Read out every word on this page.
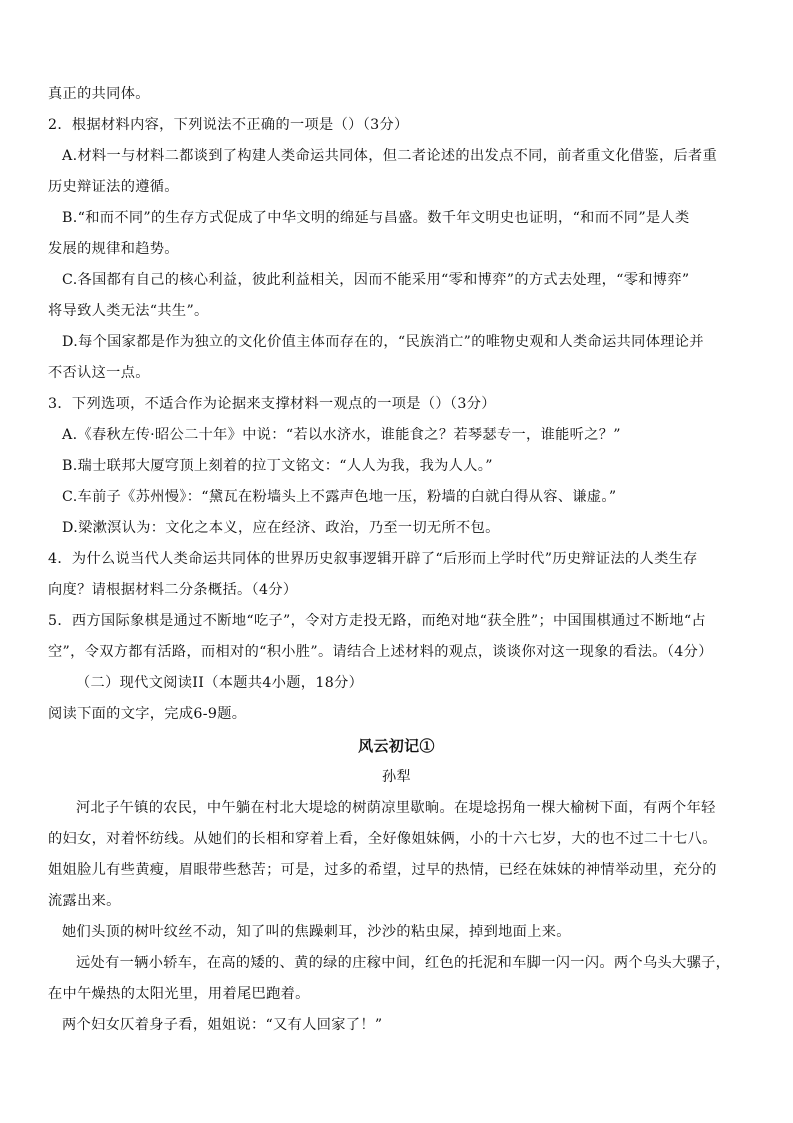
真正的共同体。
2．根据材料内容，下列说法不正确的一项是（）（3分）
A.材料一与材料二都谈到了构建人类命运共同体，但二者论述的出发点不同，前者重文化借鉴，后者重
历史辩证法的遵循。
B.“和而不同”的生存方式促成了中华文明的绵延与昌盛。数千年文明史也证明，“和而不同”是人类
发展的规律和趋势。
C.各国都有自己的核心利益，彼此利益相关，因而不能采用“零和博弈”的方式去处理，“零和博弈”
将导致人类无法“共生”。
D.每个国家都是作为独立的文化价值主体而存在的，“民族消亡”的唯物史观和人类命运共同体理论并
不否认这一点。
3．下列选项，不适合作为论据来支撑材料一观点的一项是（）（3分）
A.《春秋左传·昭公二十年》中说：“若以水济水，谁能食之？若琴瑟专一，谁能听之？”
B.瑞士联邦大厦穹顶上刻着的拉丁文铭文：“人人为我，我为人人。”
C.车前子《苏州慢》：“黛瓦在粉墙头上不露声色地一压，粉墙的白就白得从容、谦虚。”
D.梁漱溟认为：文化之本义，应在经济、政治，乃至一切无所不包。
4．为什么说当代人类命运共同体的世界历史叙事逻辑开辟了“后形而上学时代”历史辩证法的人类生存
向度？请根据材料二分条概括。（4分）
5．西方国际象棋是通过不断地“吃子”，令对方走投无路，而绝对地“获全胜”；中国围棋通过不断地“占
空”，令双方都有活路，而相对的“积小胜”。请结合上述材料的观点，谈谈你对这一现象的看法。（4分）
（二）现代文阅读II（本题共4小题，18分）
阅读下面的文字，完成6-9题。
风云初记①
孙犁
河北子午镇的农民，中午躺在村北大堤埝的树荫凉里歇晌。在堤埝拐角一棵大榆树下面，有两个年轻
的妇女，对着怀纺线。从她们的长相和穿着上看，全好像姐妹俩，小的十六七岁，大的也不过二十七八。
姐姐脸儿有些黄瘦，眉眼带些愁苦；可是，过多的希望，过早的热情，已经在妹妹的神情举动里，充分的
流露出来。
她们头顶的树叶纹丝不动，知了叫的焦躁刺耳，沙沙的粘虫屎，掉到地面上来。
远处有一辆小轿车，在高的矮的、黄的绿的庄稼中间，红色的托泥和车脚一闪一闪。两个乌头大骡子，
在中午燥热的太阳光里，用着尾巴跑着。
两个妇女仄着身子看，姐姐说：“又有人回家了！”
